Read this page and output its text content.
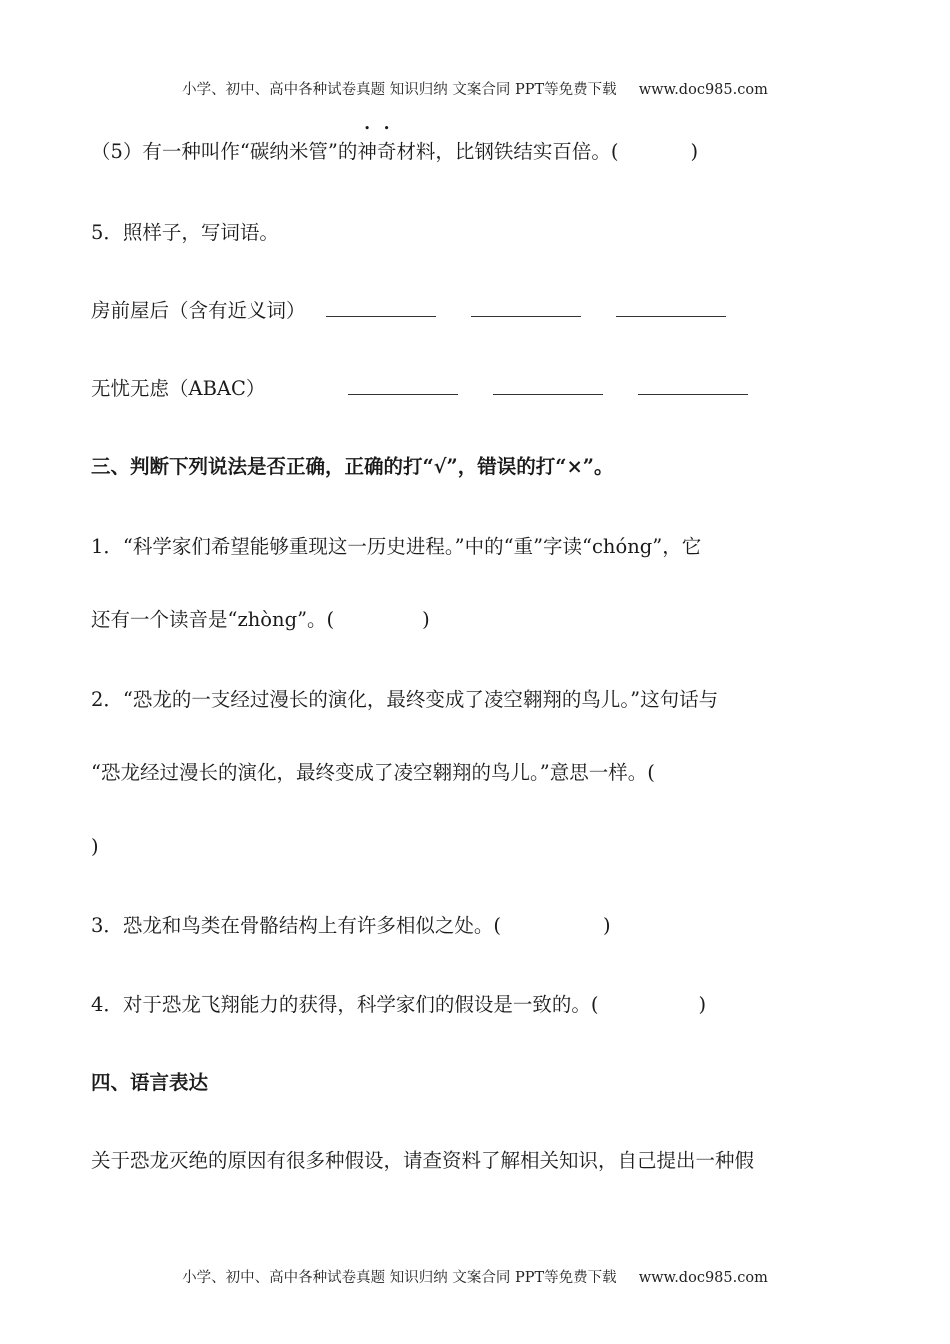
小学、初中、高中各种试卷真题 知识归纳 文案合同 PPT等免费下载 www.doc985.com
（5）有一种叫作“碳纳米管”的神奇材料，比钢铁结实百倍。(	)
5．照样子，写词语。
房前屋后（含有近义词）
无忧无虑（ABAC）
三、判断下列说法是否正确，正确的打“√”，错误的打“×”。
1．“科学家们希望能够重现这一历史进程。”中的“重”字读“chóng”，它
还有一个读音是“zhòng”。(	)
2．“恐龙的一支经过漫长的演化，最终变成了凌空翱翔的鸟儿。”这句话与
“恐龙经过漫长的演化，最终变成了凌空翱翔的鸟儿。”意思一样。(
)
3．恐龙和鸟类在骨骼结构上有许多相似之处。(	)
4．对于恐龙飞翔能力的获得，科学家们的假设是一致的。(	)
四、语言表达
关于恐龙灭绝的原因有很多种假设，请查资料了解相关知识，自己提出一种假
小学、初中、高中各种试卷真题 知识归纳 文案合同 PPT等免费下载 www.doc985.com
